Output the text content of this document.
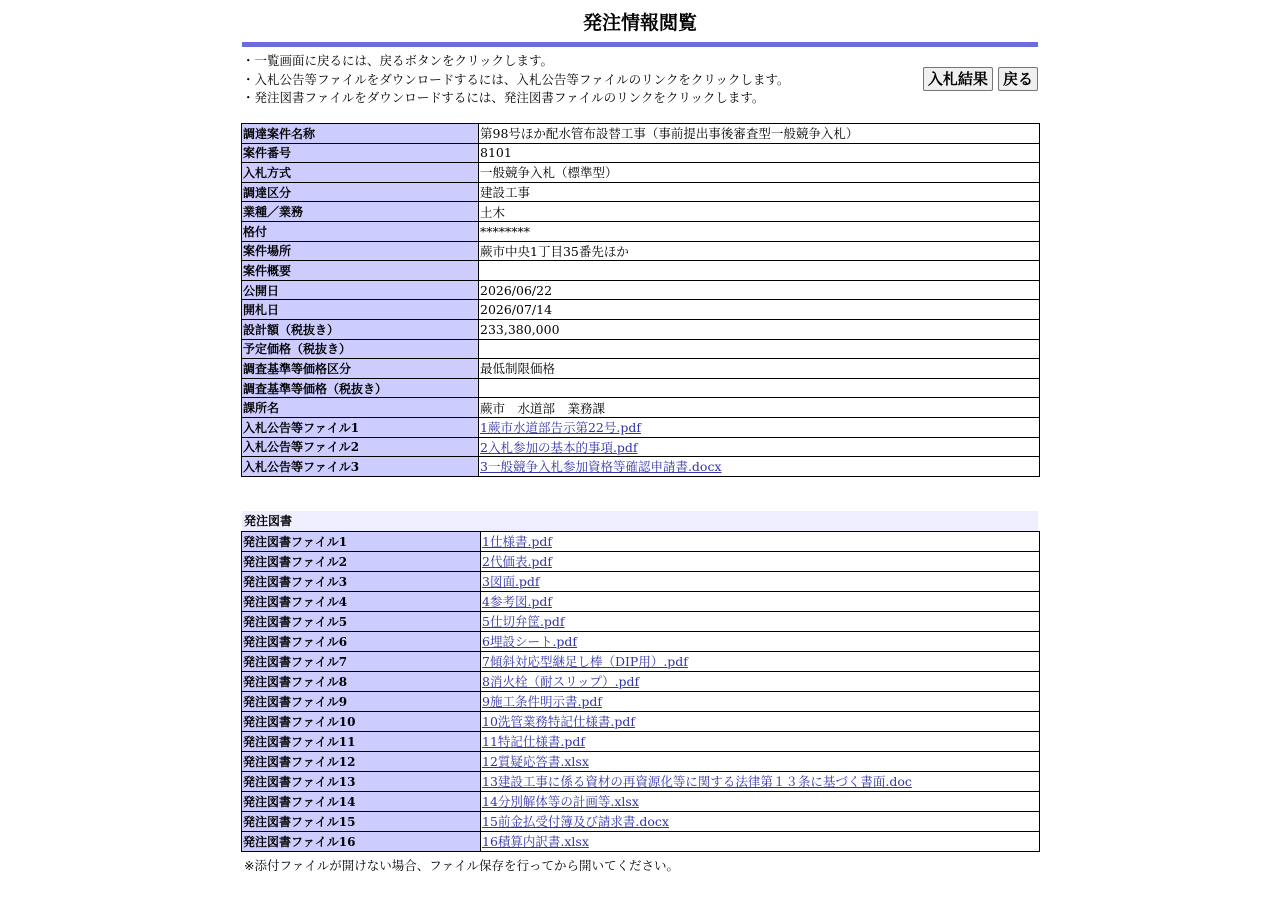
発注情報閲覧
・一覧画面に戻るには、戻るボタンをクリックします。
・入札公告等ファイルをダウンロードするには、入札公告等ファイルのリンクをクリックします。
・発注図書ファイルをダウンロードするには、発注図書ファイルのリンクをクリックします。
入札結果 戻る
調達案件名称	第98号ほか配水管布設替工事（事前提出事後審査型一般競争入札）
案件番号	8101
入札方式	一般競争入札（標準型）
調達区分	建設工事
業種／業務	土木
格付	********
案件場所	蕨市中央1丁目35番先ほか
案件概要	
公開日	2026/06/22
開札日	2026/07/14
設計額（税抜き）	233,380,000
予定価格（税抜き）	
調査基準等価格区分	最低制限価格
調査基準等価格（税抜き）	
課所名	蕨市　水道部　業務課
入札公告等ファイル1	1蕨市水道部告示第22号.pdf
入札公告等ファイル2	2入札参加の基本的事項.pdf
入札公告等ファイル3	3一般競争入札参加資格等確認申請書.docx
発注図書
発注図書ファイル1	1仕様書.pdf
発注図書ファイル2	2代価表.pdf
発注図書ファイル3	3図面.pdf
発注図書ファイル4	4参考図.pdf
発注図書ファイル5	5仕切弁筐.pdf
発注図書ファイル6	6埋設シート.pdf
発注図書ファイル7	7傾斜対応型継足し棒（DIP用）.pdf
発注図書ファイル8	8消火栓（耐スリップ）.pdf
発注図書ファイル9	9施工条件明示書.pdf
発注図書ファイル10	10洗管業務特記仕様書.pdf
発注図書ファイル11	11特記仕様書.pdf
発注図書ファイル12	12質疑応答書.xlsx
発注図書ファイル13	13建設工事に係る資材の再資源化等に関する法律第１３条に基づく書面.doc
発注図書ファイル14	14分別解体等の計画等.xlsx
発注図書ファイル15	15前金払受付簿及び請求書.docx
発注図書ファイル16	16積算内訳書.xlsx
※添付ファイルが開けない場合、ファイル保存を行ってから開いてください。
